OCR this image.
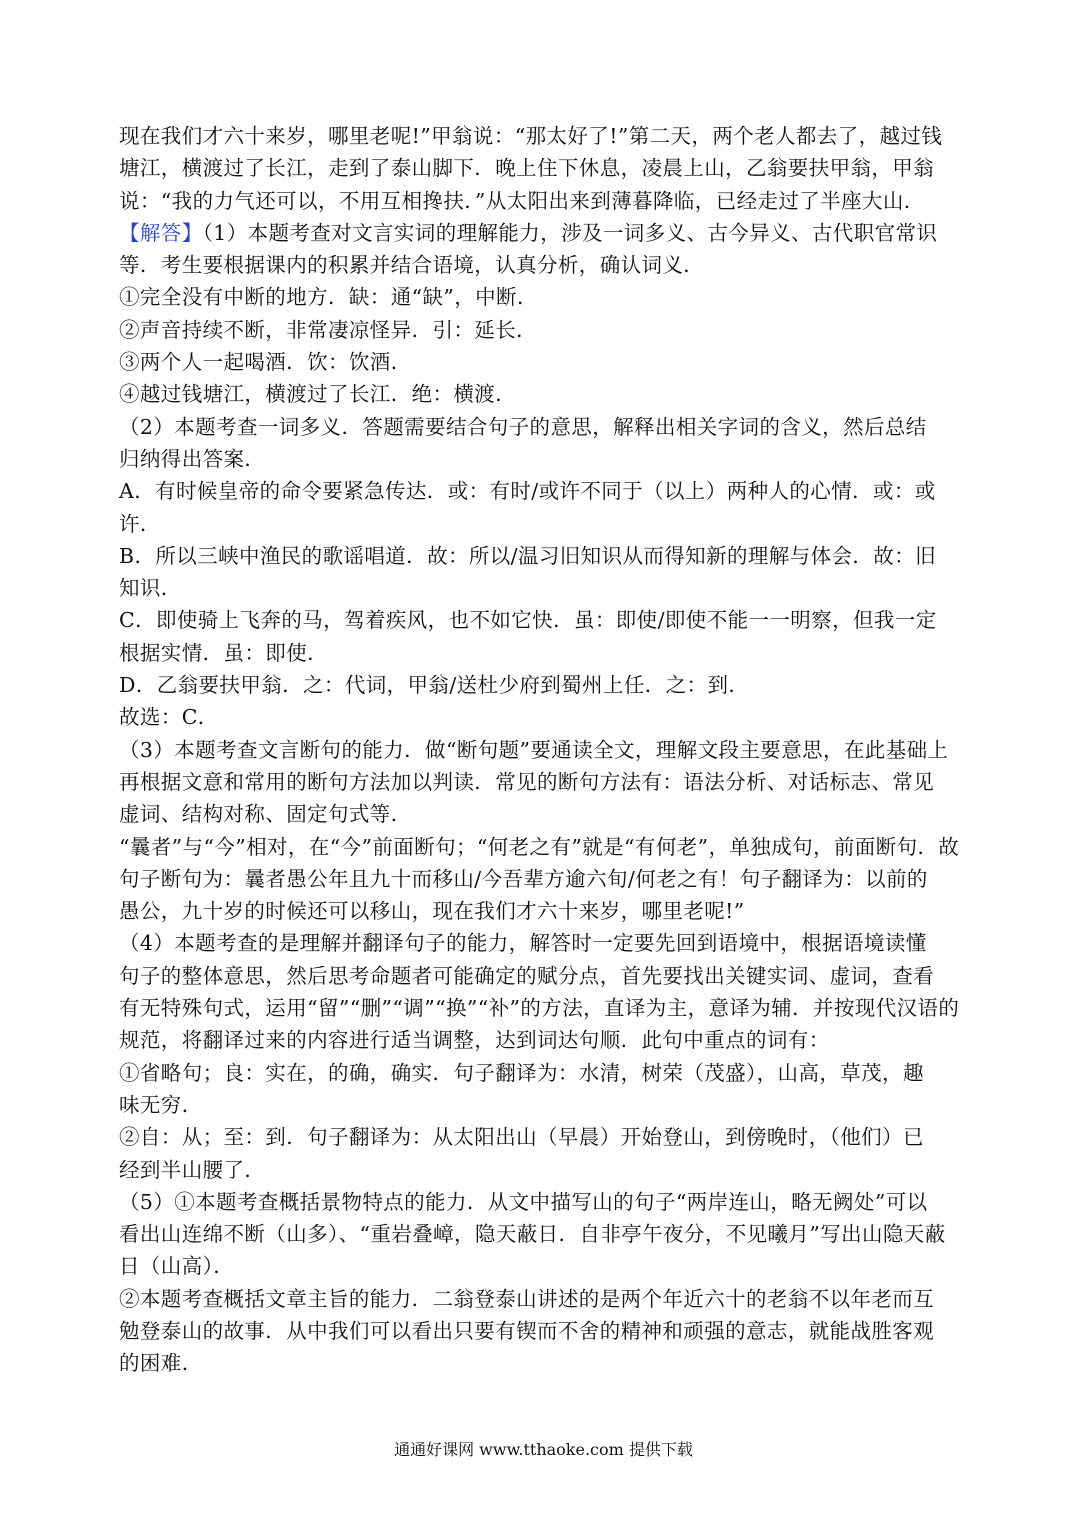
现在我们才六十来岁，哪里老呢!”甲翁说：“那太好了!”第二天，两个老人都去了，越过钱
塘江，横渡过了长江，走到了泰山脚下．晚上住下休息，凌晨上山，乙翁要扶甲翁，甲翁
说：“我的力气还可以，不用互相搀扶．”从太阳出来到薄暮降临，已经走过了半座大山．
【解答】（1）本题考查对文言实词的理解能力，涉及一词多义、古今异义、古代职官常识
等．考生要根据课内的积累并结合语境，认真分析，确认词义．
①完全没有中断的地方．缺：通“缺”，中断．
②声音持续不断，非常凄凉怪异．引：延长．
③两个人一起喝酒．饮：饮酒．
④越过钱塘江，横渡过了长江．绝：横渡．
（2）本题考查一词多义．答题需要结合句子的意思，解释出相关字词的含义，然后总结
归纳得出答案．
A．有时候皇帝的命令要紧急传达．或：有时/或许不同于（以上）两种人的心情．或：或
许．
B．所以三峡中渔民的歌谣唱道．故：所以/温习旧知识从而得知新的理解与体会．故：旧
知识．
C．即使骑上飞奔的马，驾着疾风，也不如它快．虽：即使/即使不能一一明察，但我一定
根据实情．虽：即使．
D．乙翁要扶甲翁．之：代词，甲翁/送杜少府到蜀州上任．之：到．
故选：C．
（3）本题考查文言断句的能力．做“断句题”要通读全文，理解文段主要意思，在此基础上
再根据文意和常用的断句方法加以判读．常见的断句方法有：语法分析、对话标志、常见
虚词、结构对称、固定句式等．
“曩者”与“今”相对，在“今”前面断句；“何老之有”就是“有何老”，单独成句，前面断句．故
句子断句为：曩者愚公年且九十而移山/今吾辈方逾六旬/何老之有！句子翻译为：以前的
愚公，九十岁的时候还可以移山，现在我们才六十来岁，哪里老呢!”
（4）本题考查的是理解并翻译句子的能力，解答时一定要先回到语境中，根据语境读懂
句子的整体意思，然后思考命题者可能确定的赋分点，首先要找出关键实词、虚词，查看
有无特殊句式，运用“留”“删”“调”“换”“补”的方法，直译为主，意译为辅．并按现代汉语的
规范，将翻译过来的内容进行适当调整，达到词达句顺．此句中重点的词有：
①省略句；良：实在，的确，确实．句子翻译为：水清，树荣（茂盛），山高，草茂，趣
味无穷．
②自：从；至：到．句子翻译为：从太阳出山（早晨）开始登山，到傍晚时，（他们）已
经到半山腰了．
（5）①本题考查概括景物特点的能力．从文中描写山的句子“两岸连山，略无阙处”可以
看出山连绵不断（山多）、“重岩叠嶂，隐天蔽日．自非亭午夜分，不见曦月”写出山隐天蔽
日（山高）．
②本题考查概括文章主旨的能力．二翁登泰山讲述的是两个年近六十的老翁不以年老而互
勉登泰山的故事．从中我们可以看出只要有锲而不舍的精神和顽强的意志，就能战胜客观
的困难．
通通好课网 www.tthaoke.com 提供下载
